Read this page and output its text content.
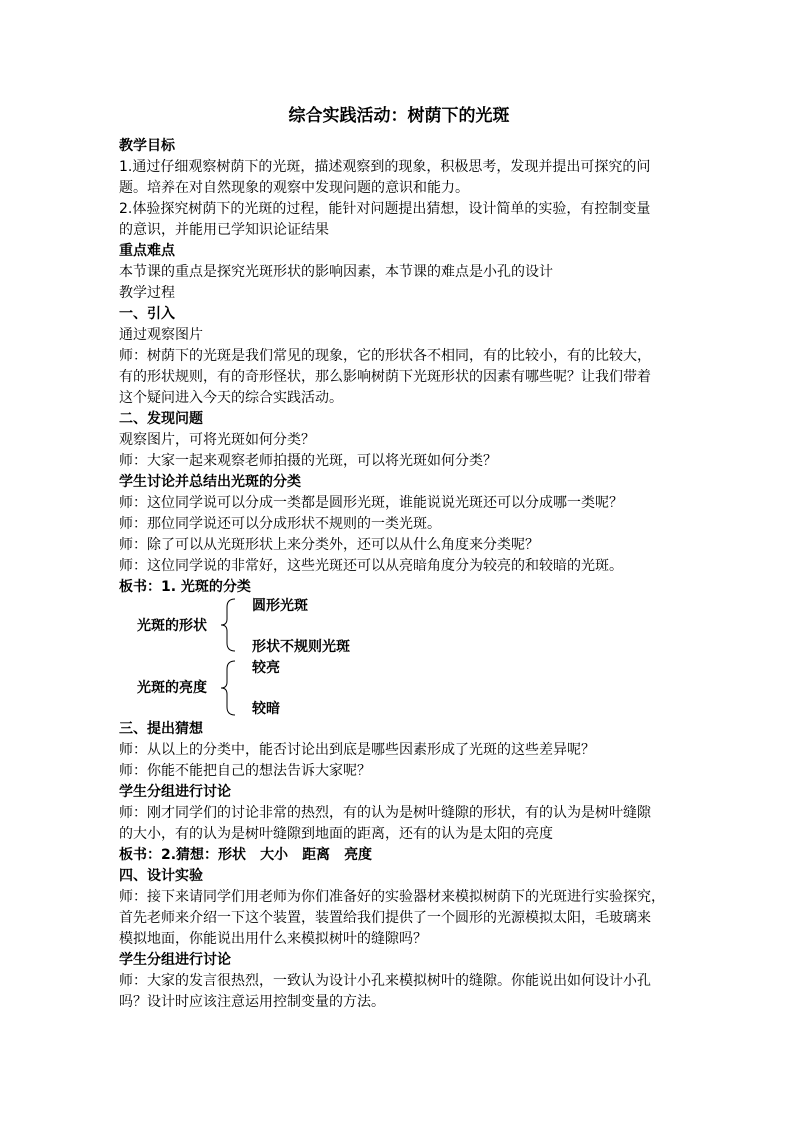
综合实践活动：树荫下的光斑
教学目标
1.通过仔细观察树荫下的光斑，描述观察到的现象，积极思考，发现并提出可探究的问
题。培养在对自然现象的观察中发现问题的意识和能力。
2.体验探究树荫下的光斑的过程，能针对问题提出猜想，设计简单的实验，有控制变量
的意识，并能用已学知识论证结果
重点难点
本节课的重点是探究光斑形状的影响因素，本节课的难点是小孔的设计
教学过程
一、引入
通过观察图片
师：树荫下的光斑是我们常见的现象，它的形状各不相同，有的比较小，有的比较大，
有的形状规则，有的奇形怪状，那么影响树荫下光斑形状的因素有哪些呢？让我们带着
这个疑问进入今天的综合实践活动。
二、发现问题
观察图片，可将光斑如何分类？
师：大家一起来观察老师拍摄的光斑，可以将光斑如何分类？
学生讨论并总结出光斑的分类
师：这位同学说可以分成一类都是圆形光斑，谁能说说光斑还可以分成哪一类呢？
师：那位同学说还可以分成形状不规则的一类光斑。
师：除了可以从光斑形状上来分类外，还可以从什么角度来分类呢？
师：这位同学说的非常好，这些光斑还可以从亮暗角度分为较亮的和较暗的光斑。
板书：1. 光斑的分类
光斑的形状
圆形光斑
形状不规则光斑
光斑的亮度
较亮
较暗
三、提出猜想
师：从以上的分类中，能否讨论出到底是哪些因素形成了光斑的这些差异呢？
师：你能不能把自己的想法告诉大家呢？
学生分组进行讨论
师：刚才同学们的讨论非常的热烈，有的认为是树叶缝隙的形状，有的认为是树叶缝隙
的大小，有的认为是树叶缝隙到地面的距离，还有的认为是太阳的亮度
板书：2.猜想：形状 大小 距离 亮度
四、设计实验
师：接下来请同学们用老师为你们准备好的实验器材来模拟树荫下的光斑进行实验探究，
首先老师来介绍一下这个装置，装置给我们提供了一个圆形的光源模拟太阳，毛玻璃来
模拟地面，你能说出用什么来模拟树叶的缝隙吗？
学生分组进行讨论
师：大家的发言很热烈，一致认为设计小孔来模拟树叶的缝隙。你能说出如何设计小孔
吗？设计时应该注意运用控制变量的方法。
